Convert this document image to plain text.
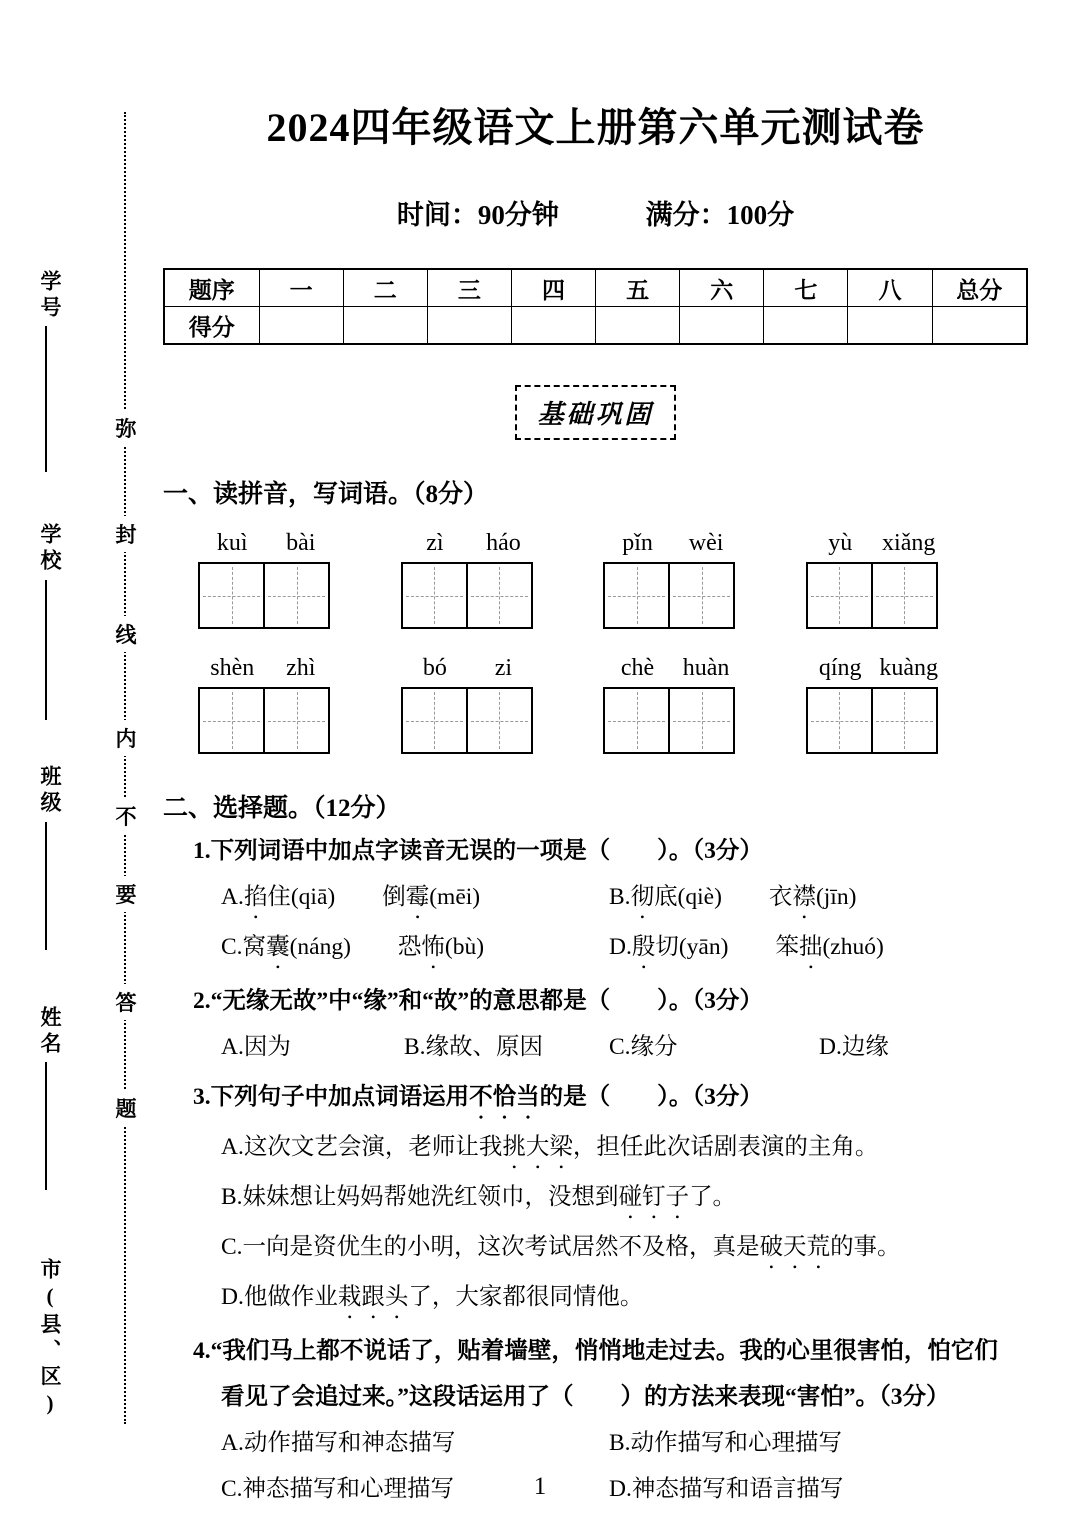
学号
学校
班级
姓名
市(县、区)
弥
封
线
内
不
要
答
题
2024四年级语文上册第六单元测试卷
时间：90分钟	满分：100分
题序	一	二	三	四	五	六	七	八	总分
得分									
基础巩固
一、读拼音，写词语。（8分）
kuì	bài	zì	háo	pǐn	wèi	yù	xiǎng
shèn	zhì	bó	zi	chè	huàn	qíng kuàng
二、选择题。（12分）
1.下列词语中加点字读音无误的一项是（　　）。（3分）
A.掐住(qiā)　　倒霉(mēi)	B.彻底(qiè)　　衣襟(jīn)
C.窝囊(náng)　　恐怖(bù)	D.殷切(yān)　　笨拙(zhuó)
2.“无缘无故”中“缘”和“故”的意思都是（　　）。（3分）
A.因为	B.缘故、原因	C.缘分	D.边缘
3.下列句子中加点词语运用不恰当的是（　　）。（3分）
A.这次文艺会演，老师让我挑大梁，担任此次话剧表演的主角。
B.妹妹想让妈妈帮她洗红领巾，没想到碰钉子了。
C.一向是资优生的小明，这次考试居然不及格，真是破天荒的事。
D.他做作业栽跟头了，大家都很同情他。
4.“我们马上都不说话了，贴着墙壁，悄悄地走过去。我的心里很害怕，怕它们
看见了会追过来。”这段话运用了（　　）的方法来表现“害怕”。（3分）
A.动作描写和神态描写	B.动作描写和心理描写
C.神态描写和心理描写	D.神态描写和语言描写
1
